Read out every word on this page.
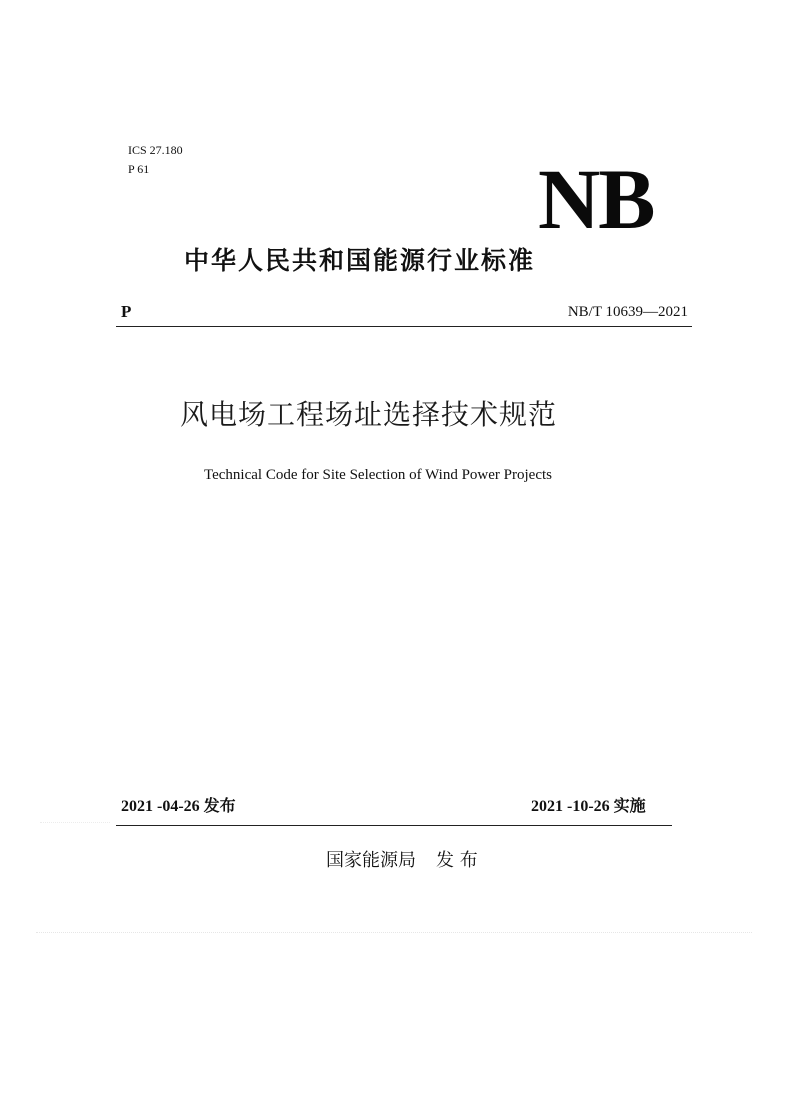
ICS 27.180
P 61	NB
中华人民共和国能源行业标准
P	NB/T 10639—2021
风电场工程场址选择技术规范
Technical Code for Site Selection of Wind Power Projects
2021 -04-26 发布	2021 -10-26 实施
国家能源局 发 布
